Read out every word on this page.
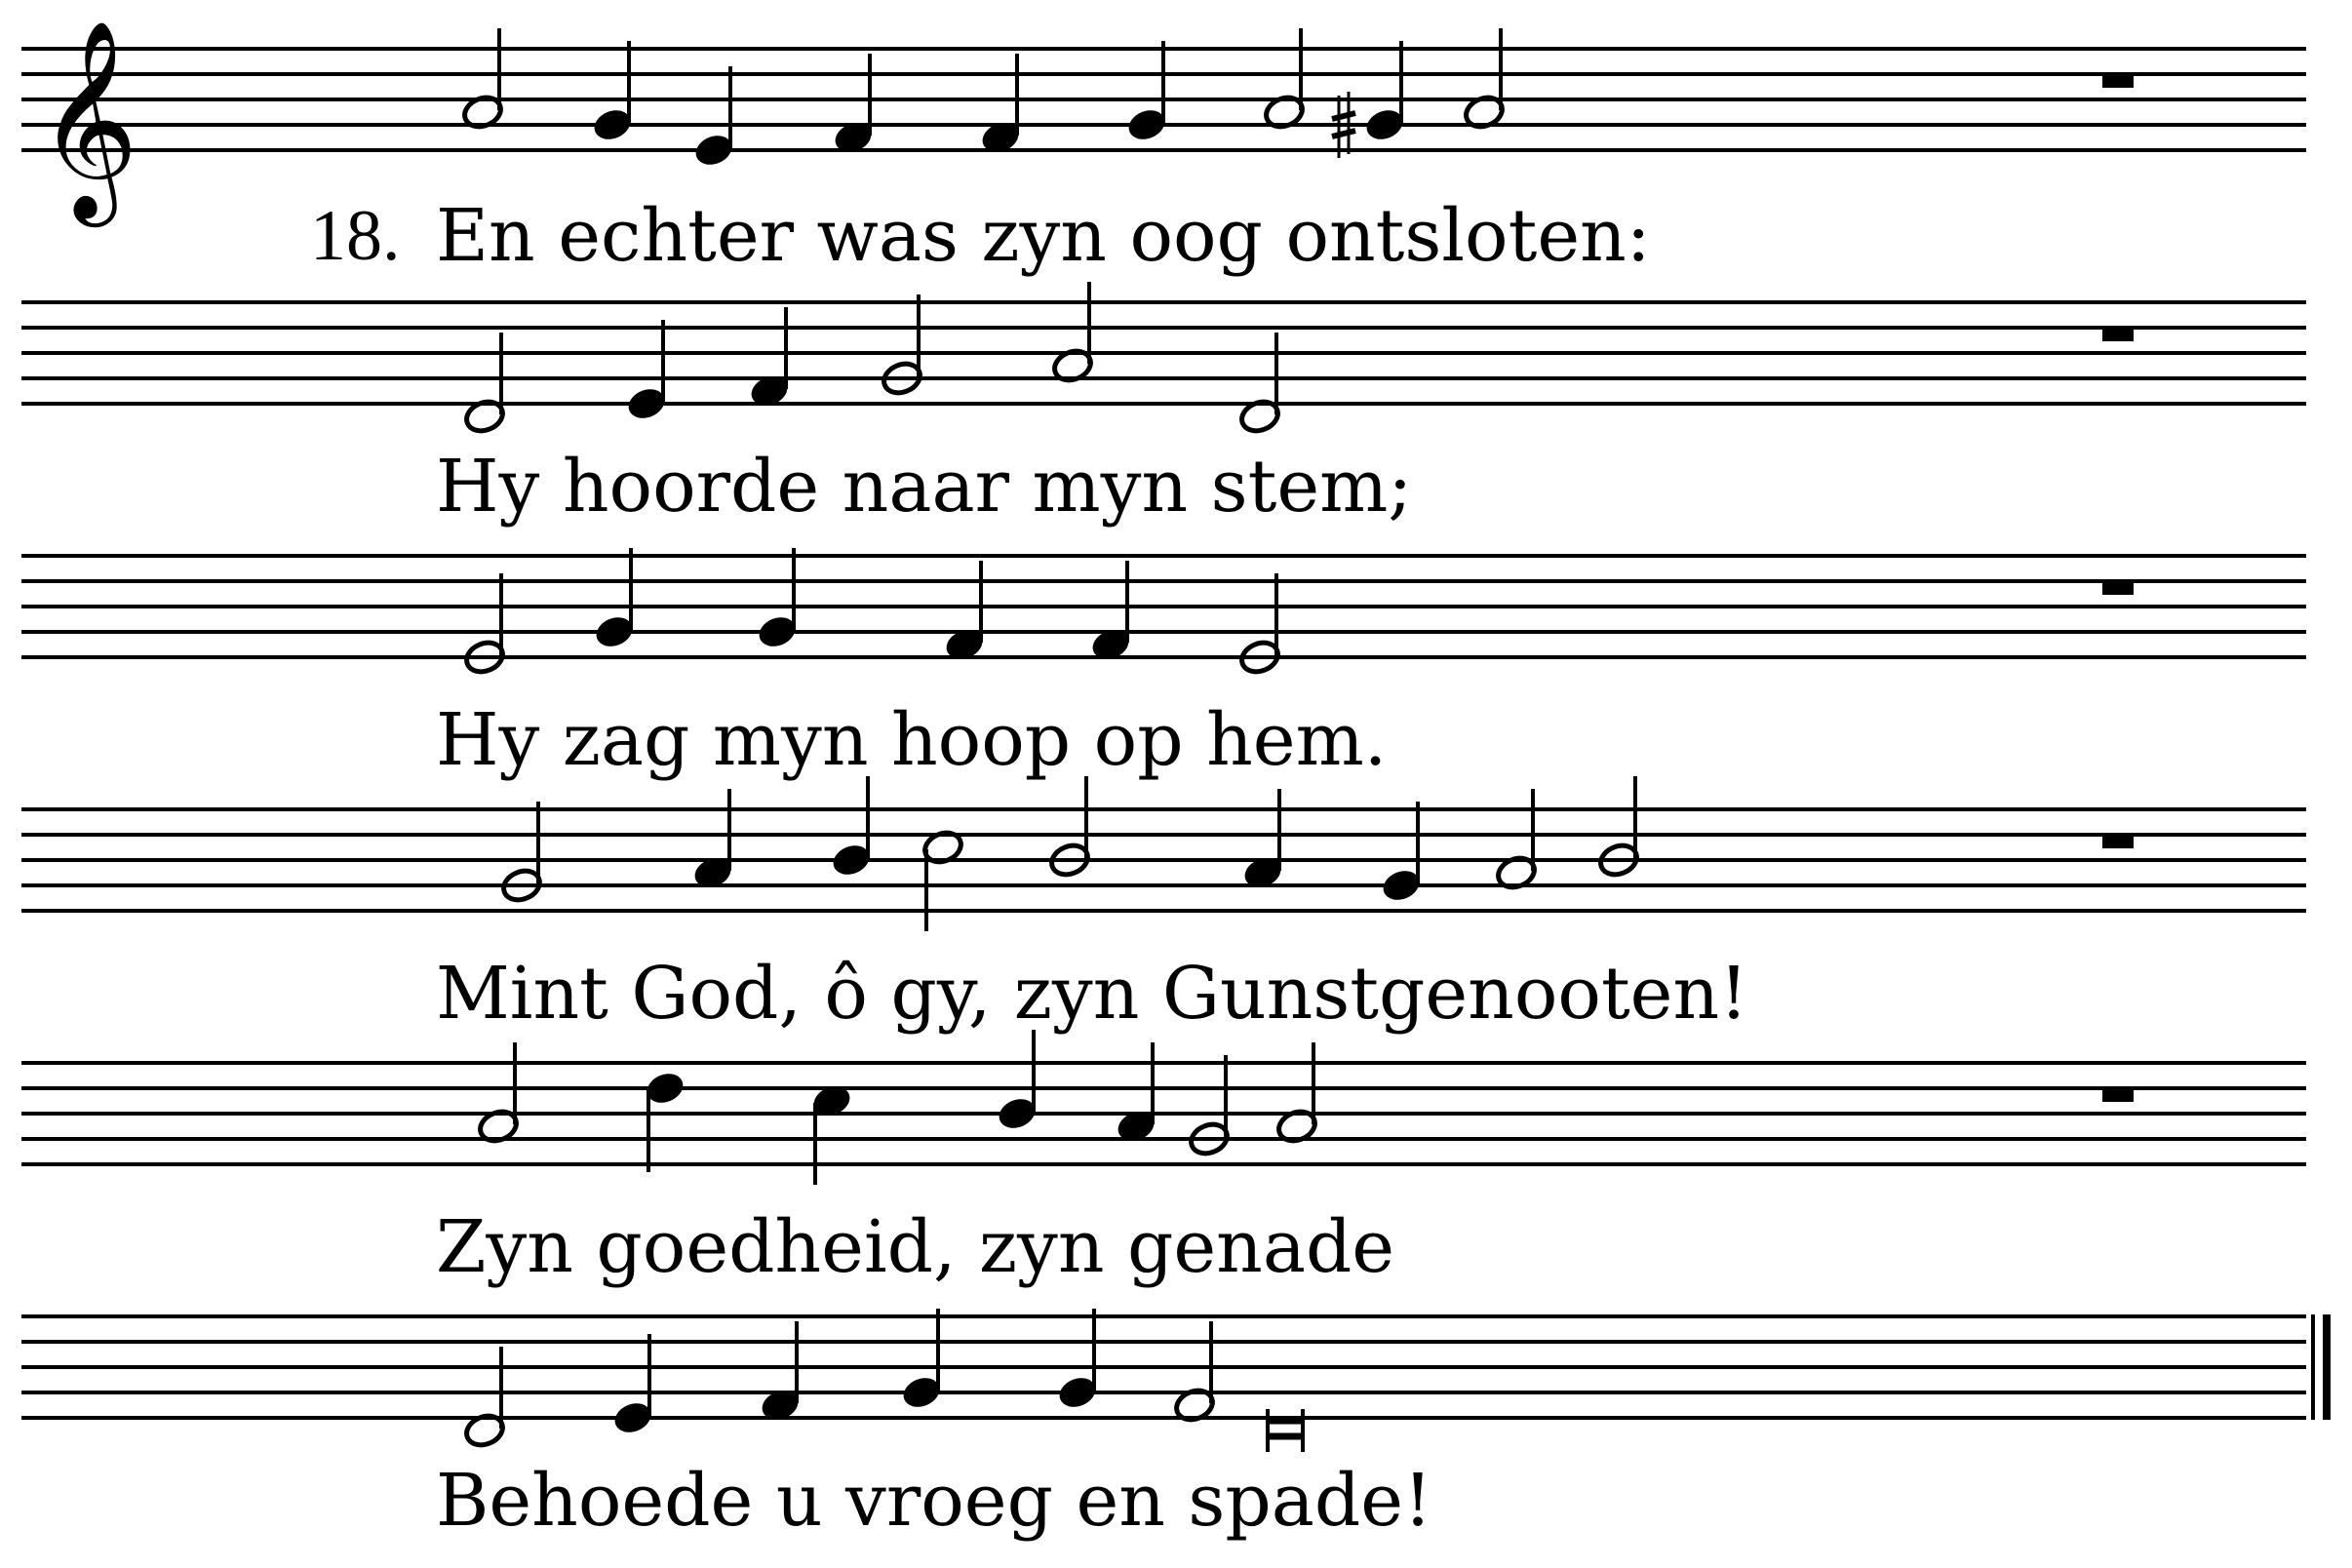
𝄞
18. En echter was zyn oog ontsloten:
Hy hoorde naar myn stem;
Hy zag myn hoop op hem.
Mint God, ô gy, zyn Gunstgenooten!
Zyn goedheid, zyn genade
Behoede u vroeg en spade!
